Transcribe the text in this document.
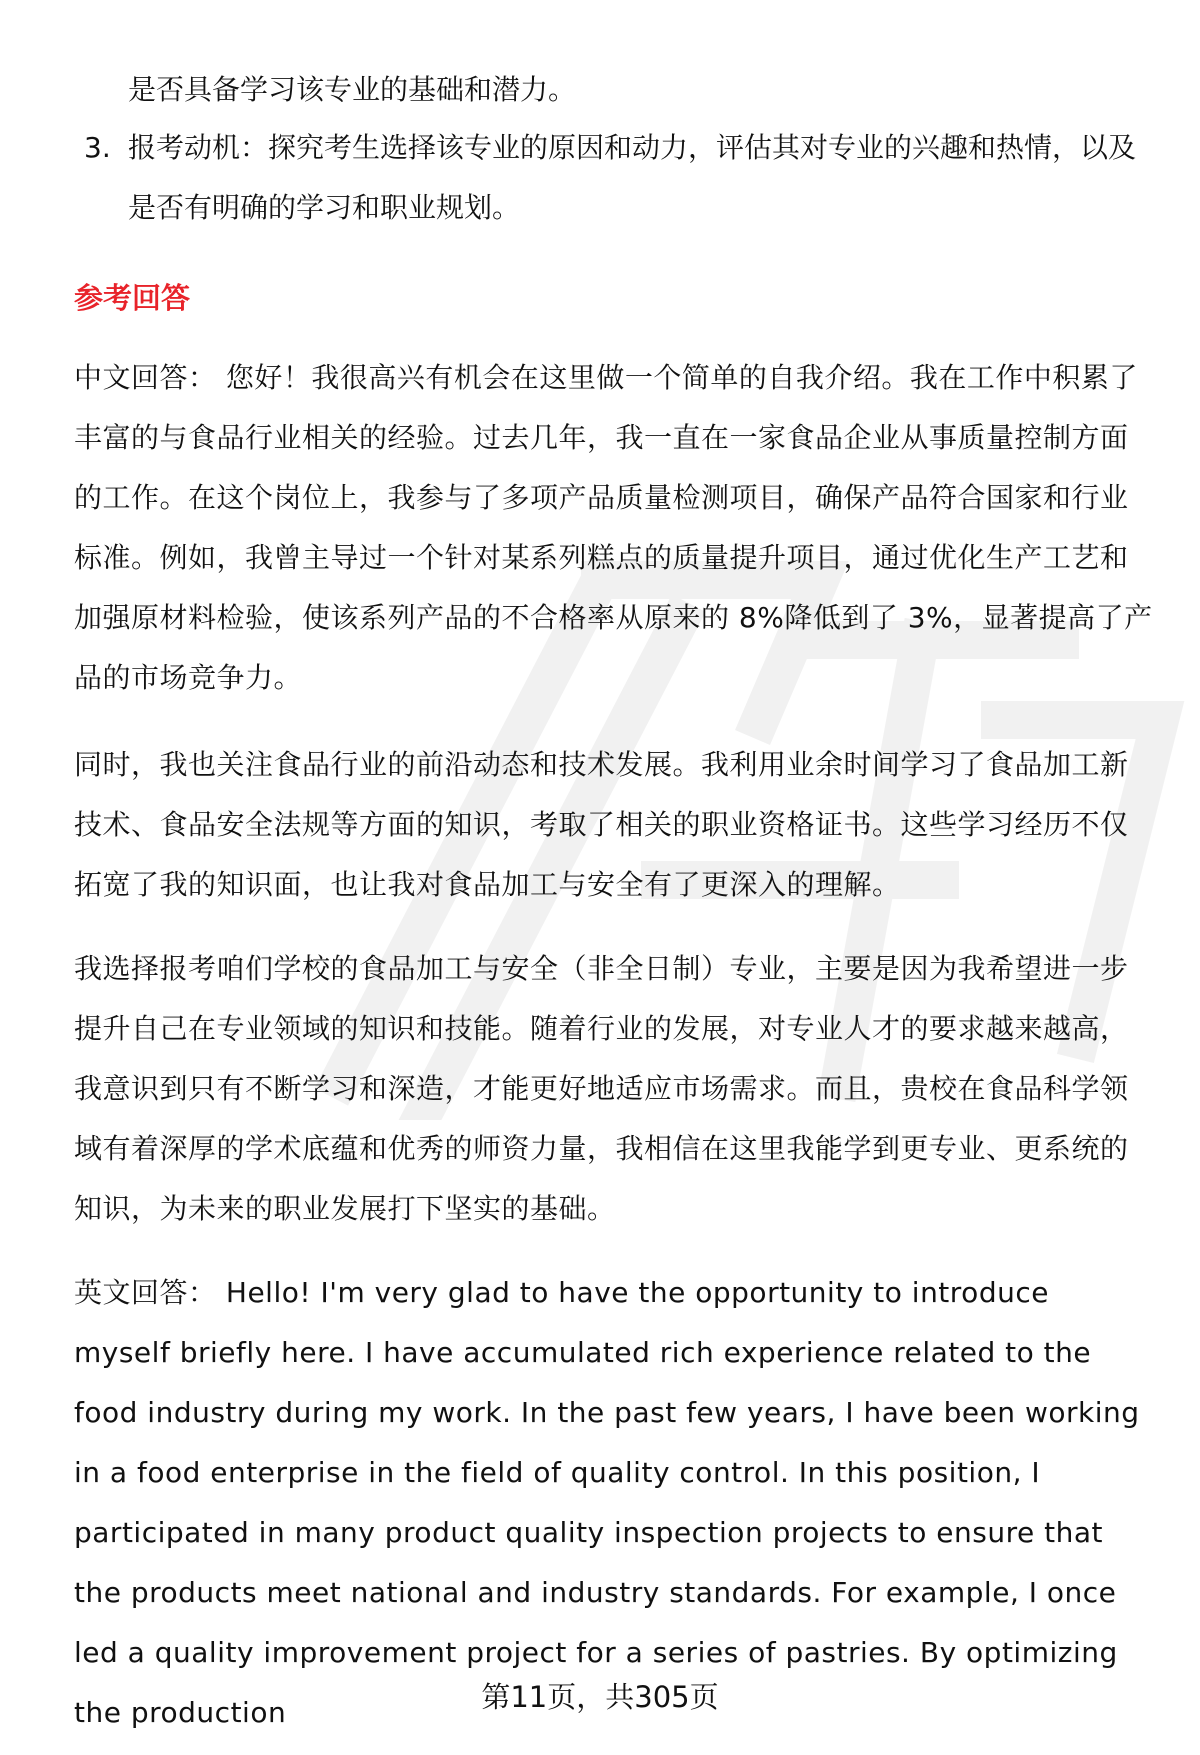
是否具备学习该专业的基础和潜力。
3. 报考动机：探究考生选择该专业的原因和动力，评估其对专业的兴趣和热情，以及是否有明确的学习和职业规划。
参考回答
中文回答： 您好！我很高兴有机会在这里做一个简单的自我介绍。我在工作中积累了丰富的与食品行业相关的经验。过去几年，我一直在一家食品企业从事质量控制方面的工作。在这个岗位上，我参与了多项产品质量检测项目，确保产品符合国家和行业标准。例如，我曾主导过一个针对某系列糕点的质量提升项目，通过优化生产工艺和加强原材料检验，使该系列产品的不合格率从原来的 8%降低到了 3%，显著提高了产品的市场竞争力。
同时，我也关注食品行业的前沿动态和技术发展。我利用业余时间学习了食品加工新技术、食品安全法规等方面的知识，考取了相关的职业资格证书。这些学习经历不仅拓宽了我的知识面，也让我对食品加工与安全有了更深入的理解。
我选择报考咱们学校的食品加工与安全（非全日制）专业，主要是因为我希望进一步提升自己在专业领域的知识和技能。随着行业的发展，对专业人才的要求越来越高，我意识到只有不断学习和深造，才能更好地适应市场需求。而且，贵校在食品科学领域有着深厚的学术底蕴和优秀的师资力量，我相信在这里我能学到更专业、更系统的知识，为未来的职业发展打下坚实的基础。
英文回答： Hello! I'm very glad to have the opportunity to introduce myself briefly here. I have accumulated rich experience related to the food industry during my work. In the past few years, I have been working in a food enterprise in the field of quality control. In this position, I participated in many product quality inspection projects to ensure that the products meet national and industry standards. For example, I once led a quality improvement project for a series of pastries. By optimizing the production	第11页，共305页
